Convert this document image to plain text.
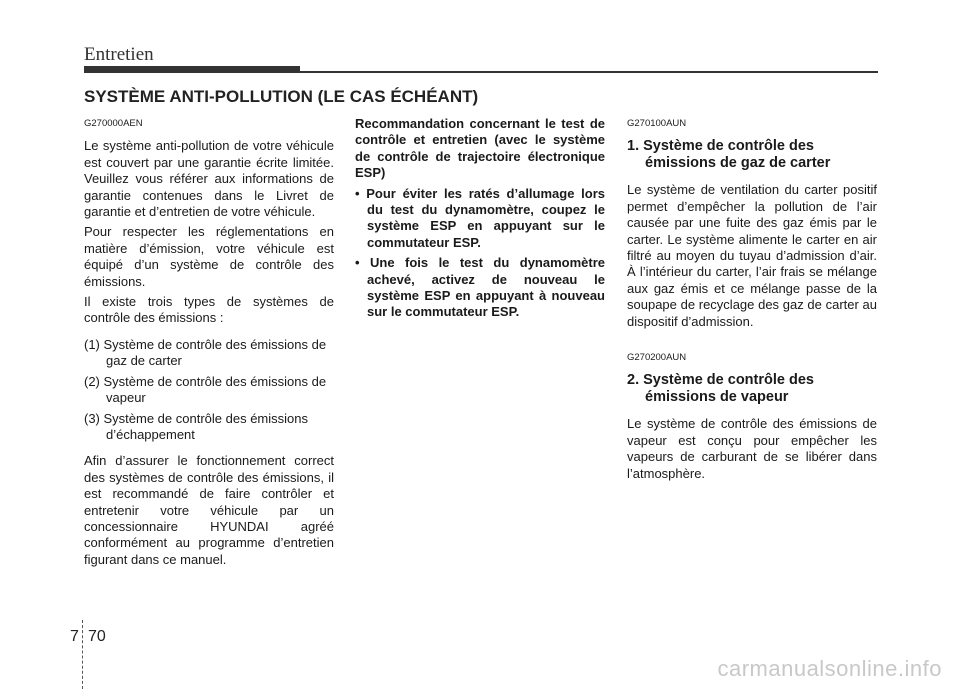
Entretien
SYSTÈME ANTI-POLLUTION (LE CAS ÉCHÉANT)
G270000AEN

Le système anti-pollution de votre véhicule est couvert par une garantie écrite limitée. Veuillez vous référer aux informations de garantie contenues dans le Livret de garantie et d’entretien de votre véhicule.

Pour respecter les réglementations en matière d’émission, votre véhicule est équipé d’un système de contrôle des émissions.

Il existe trois types de systèmes de contrôle des émissions :

(1) Système de contrôle des émissions de gaz de carter
(2) Système de contrôle des émissions de vapeur
(3) Système de contrôle des émissions d’échappement

Afin d’assurer le fonctionnement correct des systèmes de contrôle des émissions, il est recommandé de faire contrôler et entretenir votre véhicule par un concessionnaire HYUNDAI agréé conformément au programme d’entretien figurant dans ce manuel.

Recommandation concernant le test de contrôle et entretien (avec le système de contrôle de trajectoire électronique ESP)

• Pour éviter les ratés d’allumage lors du test du dynamomètre, coupez le système ESP en appuyant sur le commutateur ESP.
• Une fois le test du dynamomètre achevé, activez de nouveau le système ESP en appuyant à nouveau sur le commutateur ESP.
G270100AUN
1. Système de contrôle des émissions de gaz de carter

Le système de ventilation du carter positif permet d’empêcher la pollution de l’air causée par une fuite des gaz émis par le carter. Le système alimente le carter en air filtré au moyen du tuyau d’admission d’air. À l’intérieur du carter, l’air frais se mélange aux gaz émis et ce mélange passe de la soupape de recyclage des gaz de carter au dispositif d’admission.

G270200AUN
2. Système de contrôle des émissions de vapeur

Le système de contrôle des émissions de vapeur est conçu pour empêcher les vapeurs de carburant de se libérer dans l’atmosphère.

7 70
carmanualsonline.info
